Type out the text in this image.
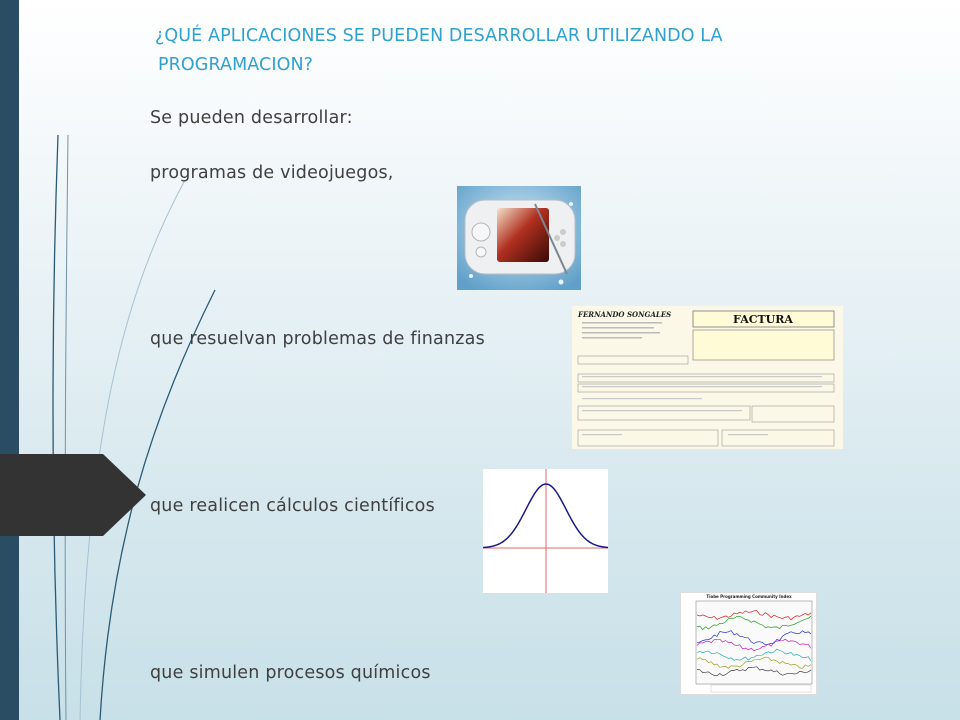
¿QUÉ APLICACIONES SE PUEDEN DESARROLLAR UTILIZANDO LA
PROGRAMACION?
Se pueden desarrollar:
programas de videojuegos,
que resuelvan problemas de finanzas
que realicen cálculos científicos
que simulen procesos químicos
FERNANDO SONGALES	FACTURA
Tiobe Programming Community Index
